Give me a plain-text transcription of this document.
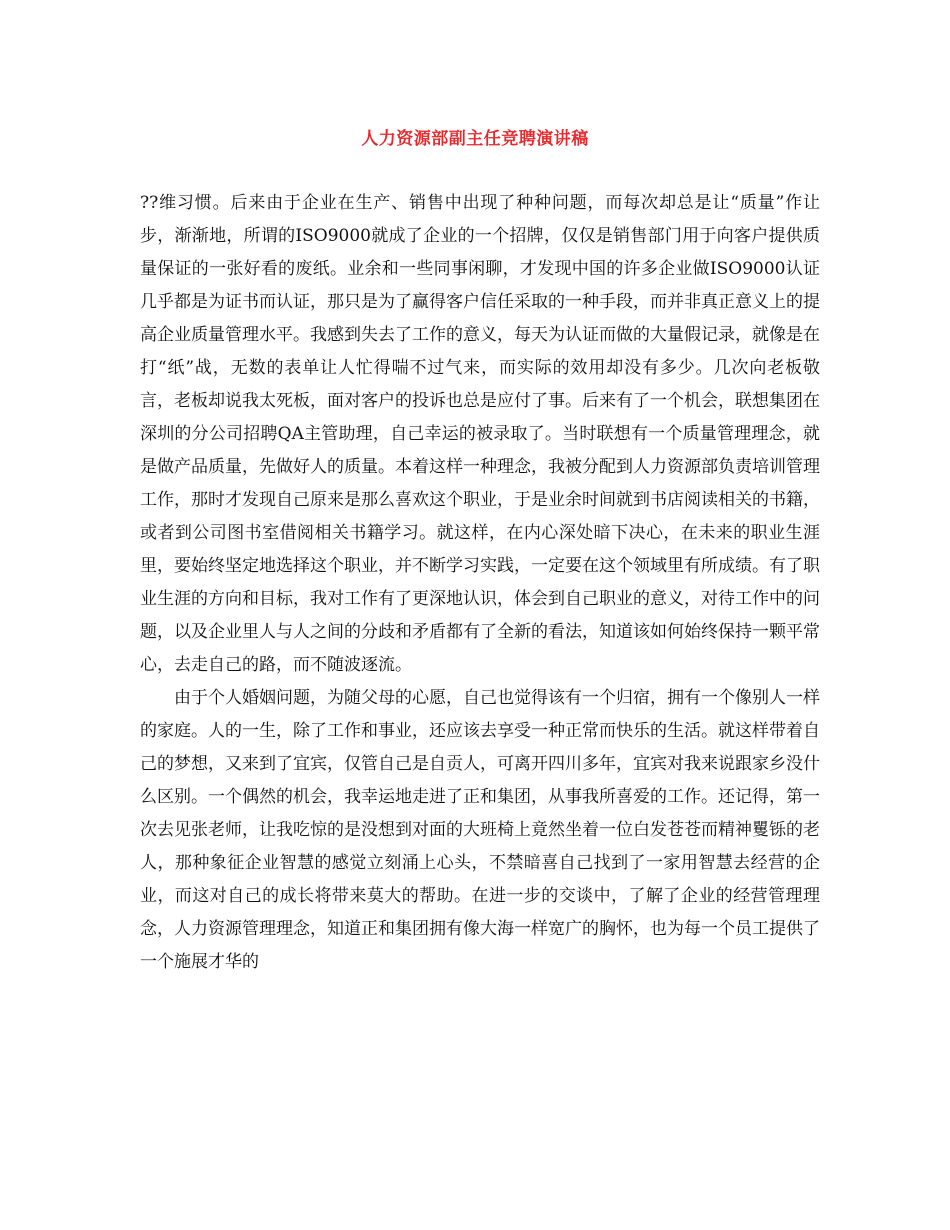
人力资源部副主任竞聘演讲稿

??维习惯。后来由于企业在生产、销售中出现了种种问题，而每次却总是让“质量”作让步，渐渐地，所谓的ISO9000就成了企业的一个招牌，仅仅是销售部门用于向客户提供质量保证的一张好看的废纸。业余和一些同事闲聊，才发现中国的许多企业做ISO9000认证几乎都是为证书而认证，那只是为了赢得客户信任采取的一种手段，而并非真正意义上的提高企业质量管理水平。我感到失去了工作的意义，每天为认证而做的大量假记录，就像是在打“纸”战，无数的表单让人忙得喘不过气来，而实际的效用却没有多少。几次向老板敬言，老板却说我太死板，面对客户的投诉也总是应付了事。后来有了一个机会，联想集团在深圳的分公司招聘QA主管助理，自己幸运的被录取了。当时联想有一个质量管理理念，就是做产品质量，先做好人的质量。本着这样一种理念，我被分配到人力资源部负责培训管理工作，那时才发现自己原来是那么喜欢这个职业，于是业余时间就到书店阅读相关的书籍，或者到公司图书室借阅相关书籍学习。就这样，在内心深处暗下决心，在未来的职业生涯里，要始终坚定地选择这个职业，并不断学习实践，一定要在这个领域里有所成绩。有了职业生涯的方向和目标，我对工作有了更深地认识，体会到自己职业的意义，对待工作中的问题，以及企业里人与人之间的分歧和矛盾都有了全新的看法，知道该如何始终保持一颗平常心，去走自己的路，而不随波逐流。

由于个人婚姻问题，为随父母的心愿，自己也觉得该有一个归宿，拥有一个像别人一样的家庭。人的一生，除了工作和事业，还应该去享受一种正常而快乐的生活。就这样带着自己的梦想，又来到了宜宾，仅管自己是自贡人，可离开四川多年，宜宾对我来说跟家乡没什么区别。一个偶然的机会，我幸运地走进了正和集团，从事我所喜爱的工作。还记得，第一次去见张老师，让我吃惊的是没想到对面的大班椅上竟然坐着一位白发苍苍而精神矍铄的老人，那种象征企业智慧的感觉立刻涌上心头，不禁暗喜自己找到了一家用智慧去经营的企业，而这对自己的成长将带来莫大的帮助。在进一步的交谈中，了解了企业的经营管理理念，人力资源管理理念，知道正和集团拥有像大海一样宽广的胸怀，也为每一个员工提供了一个施展才华的
